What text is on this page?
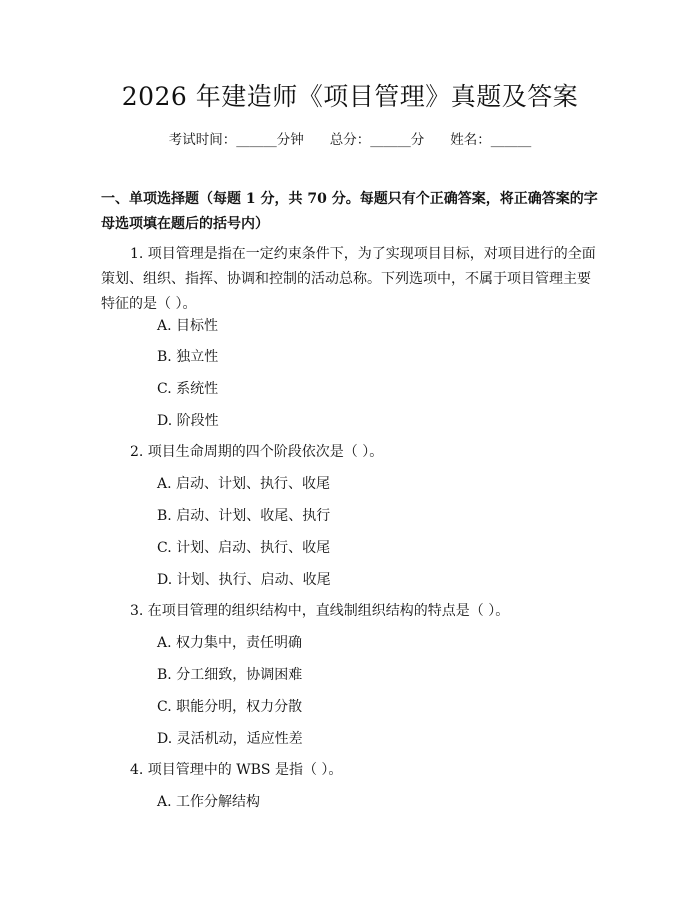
2026 年建造师《项目管理》真题及答案
考试时间：______分钟 总分：______分 姓名：______
一、单项选择题（每题 1 分，共 70 分。每题只有个正确答案，将正确答案的字母选项填在题后的括号内）
1. 项目管理是指在一定约束条件下，为了实现项目目标，对项目进行的全面策划、组织、指挥、协调和控制的活动总称。下列选项中，不属于项目管理主要特征的是（ ）。
A. 目标性
B. 独立性
C. 系统性
D. 阶段性
2. 项目生命周期的四个阶段依次是（ ）。
A. 启动、计划、执行、收尾
B. 启动、计划、收尾、执行
C. 计划、启动、执行、收尾
D. 计划、执行、启动、收尾
3. 在项目管理的组织结构中，直线制组织结构的特点是（ ）。
A. 权力集中，责任明确
B. 分工细致，协调困难
C. 职能分明，权力分散
D. 灵活机动，适应性差
4. 项目管理中的 WBS 是指（ ）。
A. 工作分解结构
